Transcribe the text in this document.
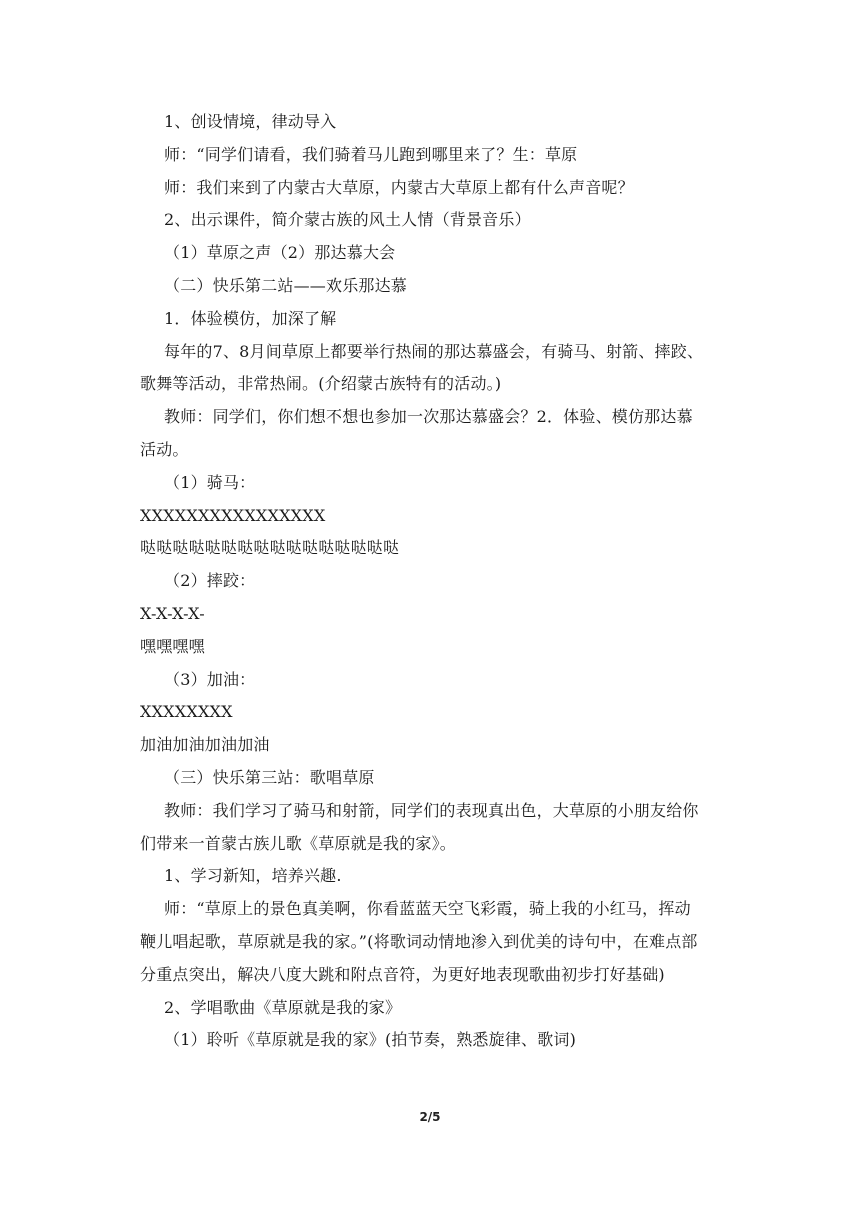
1、创设情境，律动导入

师：“同学们请看，我们骑着马儿跑到哪里来了？生：草原

师：我们来到了内蒙古大草原，内蒙古大草原上都有什么声音呢？

2、出示课件，简介蒙古族的风土人情（背景音乐）

（1）草原之声（2）那达慕大会

（二）快乐第二站——欢乐那达慕

1．体验模仿，加深了解

每年的7、8月间草原上都要举行热闹的那达慕盛会，有骑马、射箭、摔跤、

歌舞等活动，非常热闹。(介绍蒙古族特有的活动。)

教师：同学们，你们想不想也参加一次那达慕盛会？2．体验、模仿那达慕

活动。

（1）骑马：

XXXXXXXXXXXXXXXX

哒哒哒哒哒哒哒哒哒哒哒哒哒哒哒哒

（2）摔跤：

X-X-X-X-

嘿嘿嘿嘿

（3）加油：

XXXXXXXX

加油加油加油加油

（三）快乐第三站：歌唱草原

教师：我们学习了骑马和射箭，同学们的表现真出色，大草原的小朋友给你

们带来一首蒙古族儿歌《草原就是我的家》。

1、学习新知，培养兴趣.

师：“草原上的景色真美啊，你看蓝蓝天空飞彩霞，骑上我的小红马，挥动

鞭儿唱起歌，草原就是我的家。”(将歌词动情地渗入到优美的诗句中，在难点部

分重点突出，解决八度大跳和附点音符，为更好地表现歌曲初步打好基础)

2、学唱歌曲《草原就是我的家》

（1）聆听《草原就是我的家》(拍节奏，熟悉旋律、歌词)

2/5
